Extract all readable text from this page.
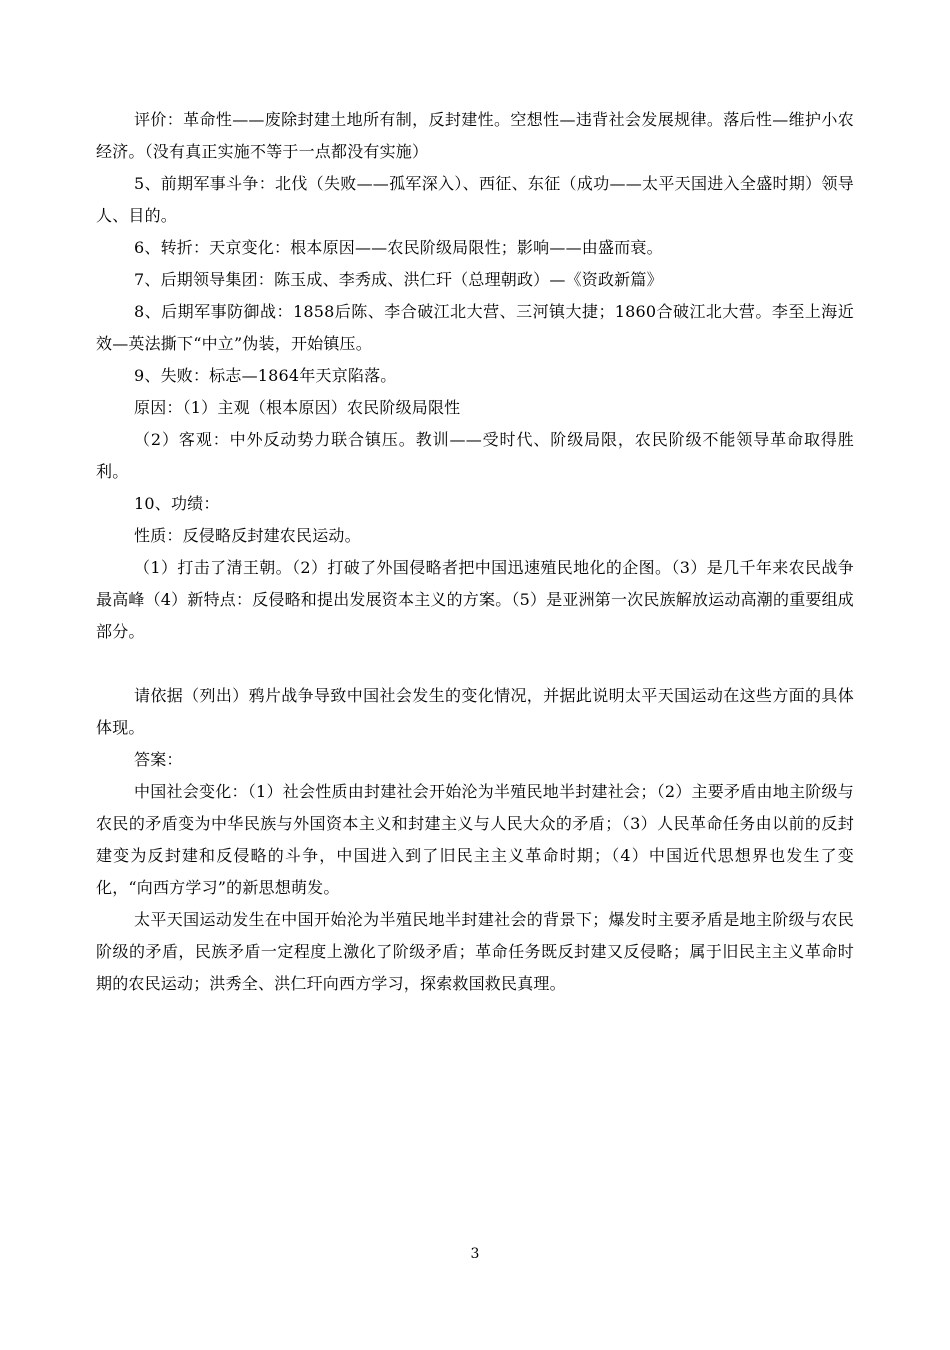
评价：革命性——废除封建土地所有制，反封建性。空想性—违背社会发展规律。落后性—维护小农经济。（没有真正实施不等于一点都没有实施）

5、前期军事斗争：北伐（失败——孤军深入）、西征、东征（成功——太平天国进入全盛时期）领导人、目的。

6、转折：天京变化：根本原因——农民阶级局限性；影响——由盛而衰。

7、后期领导集团：陈玉成、李秀成、洪仁玕（总理朝政）—《资政新篇》

8、后期军事防御战：1858后陈、李合破江北大营、三河镇大捷；1860合破江北大营。李至上海近效—英法撕下“中立”伪装，开始镇压。

9、失败：标志—1864年天京陷落。

原因：（1）主观（根本原因）农民阶级局限性

（2）客观：中外反动势力联合镇压。教训——受时代、阶级局限，农民阶级不能领导革命取得胜利。

10、功绩：

性质：反侵略反封建农民运动。

（1）打击了清王朝。（2）打破了外国侵略者把中国迅速殖民地化的企图。（3）是几千年来农民战争最高峰（4）新特点：反侵略和提出发展资本主义的方案。（5）是亚洲第一次民族解放运动高潮的重要组成部分。

请依据（列出）鸦片战争导致中国社会发生的变化情况，并据此说明太平天国运动在这些方面的具体体现。

答案：

中国社会变化：（1）社会性质由封建社会开始沦为半殖民地半封建社会；（2）主要矛盾由地主阶级与农民的矛盾变为中华民族与外国资本主义和封建主义与人民大众的矛盾；（3）人民革命任务由以前的反封建变为反封建和反侵略的斗争，中国进入到了旧民主主义革命时期；（4）中国近代思想界也发生了变化，“向西方学习”的新思想萌发。

太平天国运动发生在中国开始沦为半殖民地半封建社会的背景下；爆发时主要矛盾是地主阶级与农民阶级的矛盾，民族矛盾一定程度上激化了阶级矛盾；革命任务既反封建又反侵略；属于旧民主主义革命时期的农民运动；洪秀全、洪仁玕向西方学习，探索救国救民真理。

3
